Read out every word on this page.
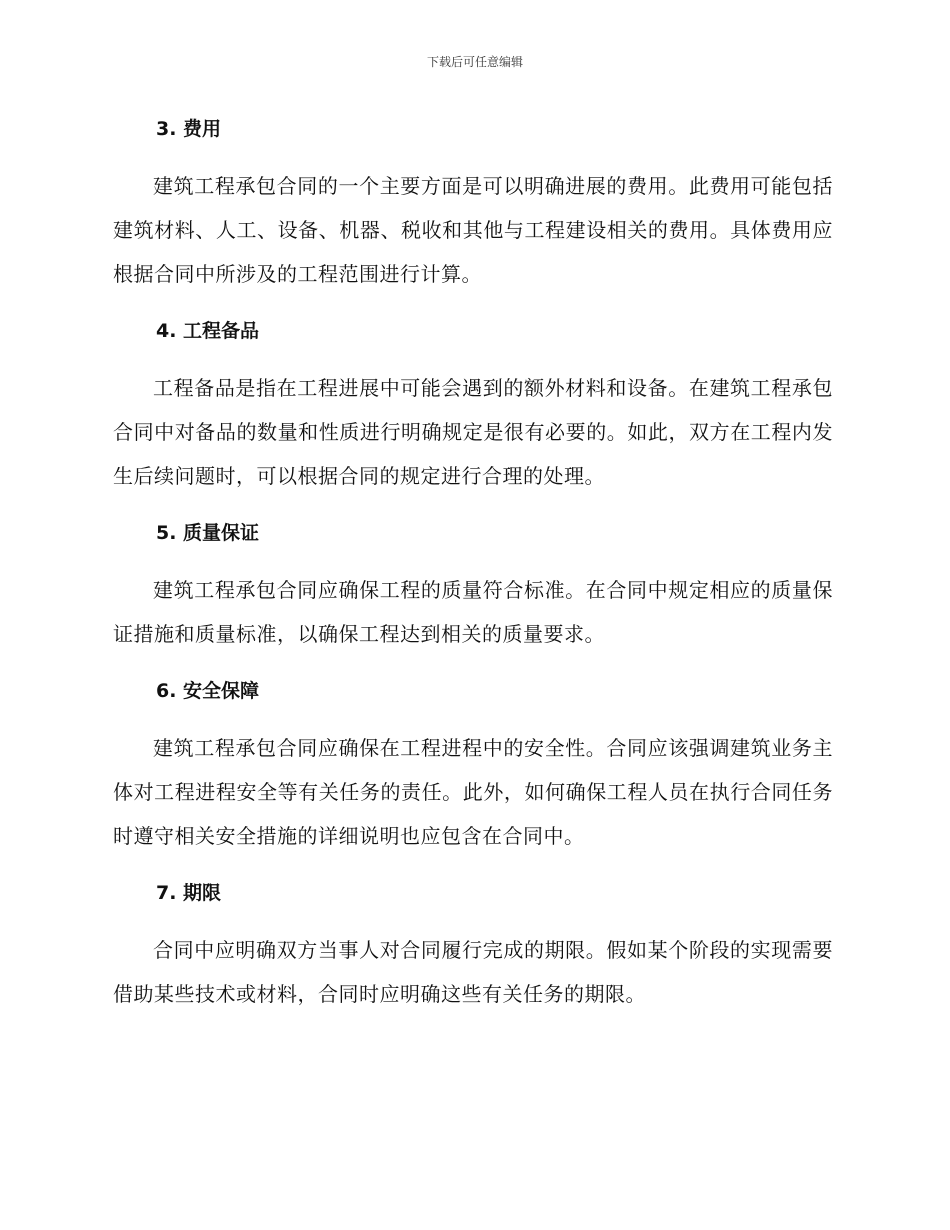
下载后可任意编辑
3. 费用

建筑工程承包合同的一个主要方面是可以明确进展的费用。此费用可能包括建筑材料、人工、设备、机器、税收和其他与工程建设相关的费用。具体费用应根据合同中所涉及的工程范围进行计算。

4. 工程备品

工程备品是指在工程进展中可能会遇到的额外材料和设备。在建筑工程承包合同中对备品的数量和性质进行明确规定是很有必要的。如此，双方在工程内发生后续问题时，可以根据合同的规定进行合理的处理。

5. 质量保证

建筑工程承包合同应确保工程的质量符合标准。在合同中规定相应的质量保证措施和质量标准，以确保工程达到相关的质量要求。

6. 安全保障

建筑工程承包合同应确保在工程进程中的安全性。合同应该强调建筑业务主体对工程进程安全等有关任务的责任。此外，如何确保工程人员在执行合同任务时遵守相关安全措施的详细说明也应包含在合同中。

7. 期限

合同中应明确双方当事人对合同履行完成的期限。假如某个阶段的实现需要借助某些技术或材料，合同时应明确这些有关任务的期限。
